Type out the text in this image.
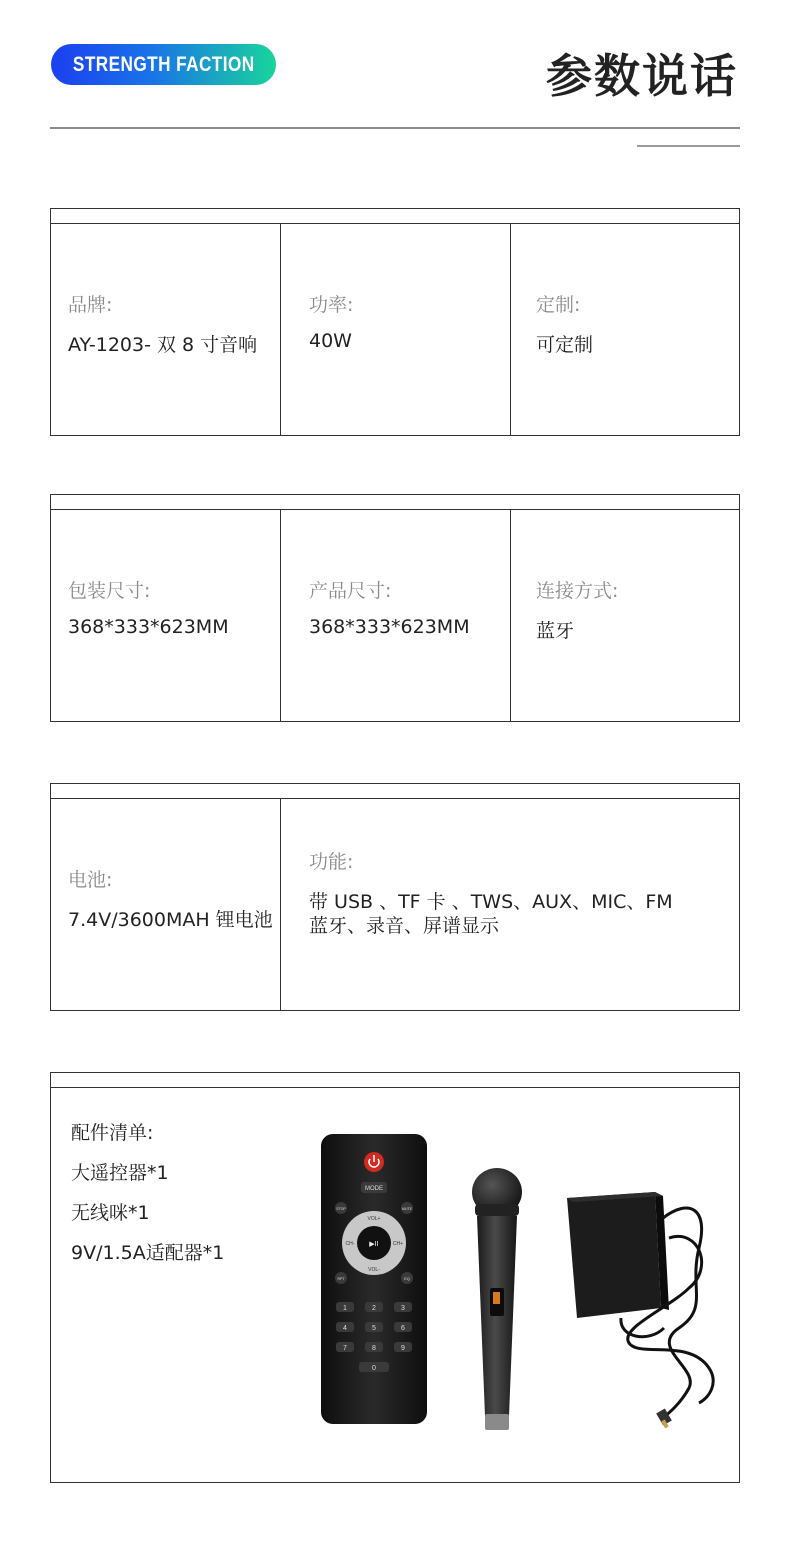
STRENGTH FACTION	参数说话
品牌:
AY-1203- 双 8 寸音响
功率:
40W
定制:
可定制
包装尺寸:
368*333*623MM
产品尺寸:
368*333*623MM
连接方式:
蓝牙
电池:
7.4V/3600MAH 锂电池
功能:
带 USB 、TF 卡 、TWS、AUX、MIC、FM
蓝牙、录音、屏谱显示
配件清单:
大遥控器*1
无线咪*1
9V/1.5A适配器*1
MODE
STOP	MUTE
▶II
VOL+
VOL-
CH-	CH+
RPT	EQ
1	2	3
4	5	6
7	8	9
0
